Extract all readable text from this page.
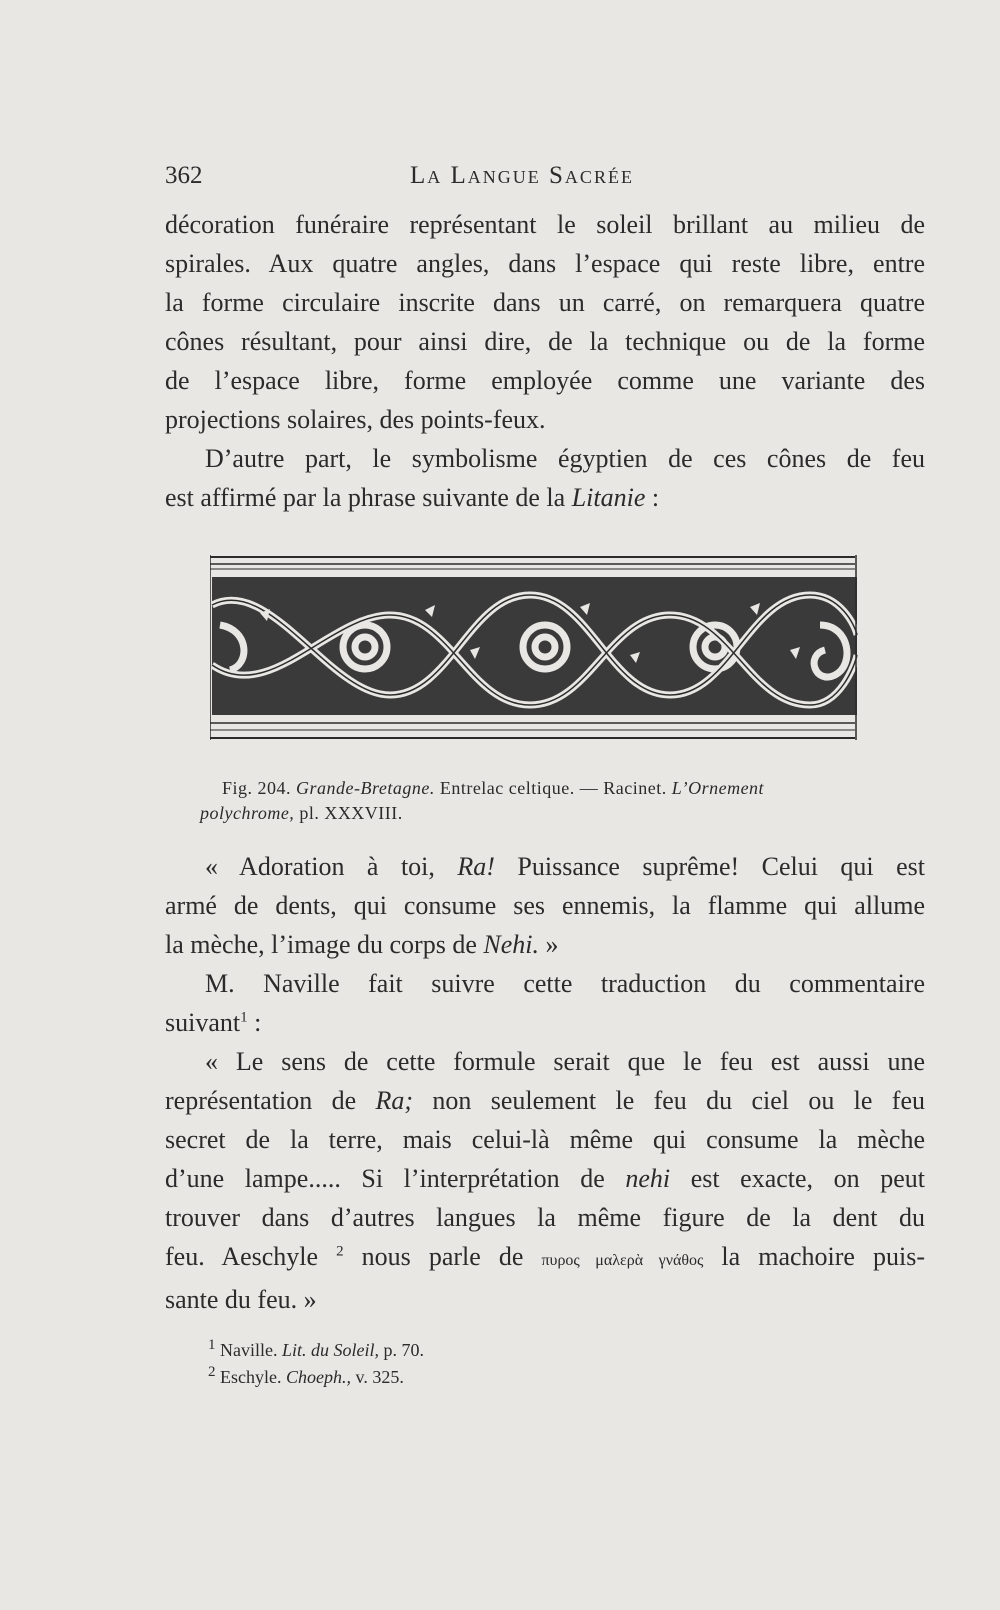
362	La Langue Sacrée
décoration funéraire représentant le soleil brillant au milieu de
spirales. Aux quatre angles, dans l’espace qui reste libre, entre
la forme circulaire inscrite dans un carré, on remarquera quatre
cônes résultant, pour ainsi dire, de la technique ou de la forme
de l’espace libre, forme employée comme une variante des
projections solaires, des points-feux.
D’autre part, le symbolisme égyptien de ces cônes de feu
est affirmé par la phrase suivante de la Litanie :
Fig. 204. Grande-Bretagne. Entrelac celtique. — Racinet. L’Ornement
polychrome, pl. XXXVIII.
« Adoration à toi, Ra! Puissance suprême! Celui qui est
armé de dents, qui consume ses ennemis, la flamme qui allume
la mèche, l’image du corps de Nehi. »
M. Naville fait suivre cette traduction du commentaire
suivant$^1$ :
« Le sens de cette formule serait que le feu est aussi une
représentation de Ra; non seulement le feu du ciel ou le feu
secret de la terre, mais celui-là même qui consume la mèche
d’une lampe..... Si l’interprétation de nehi est exacte, on peut
trouver dans d’autres langues la même figure de la dent du
feu. Aeschyle $^2$ nous parle de πυρος μαλερὰ γνάθος la machoire puis-
sante du feu. »
$^1$ Naville. Lit. du Soleil, p. 70.
$^2$ Eschyle. Choeph., v. 325.
